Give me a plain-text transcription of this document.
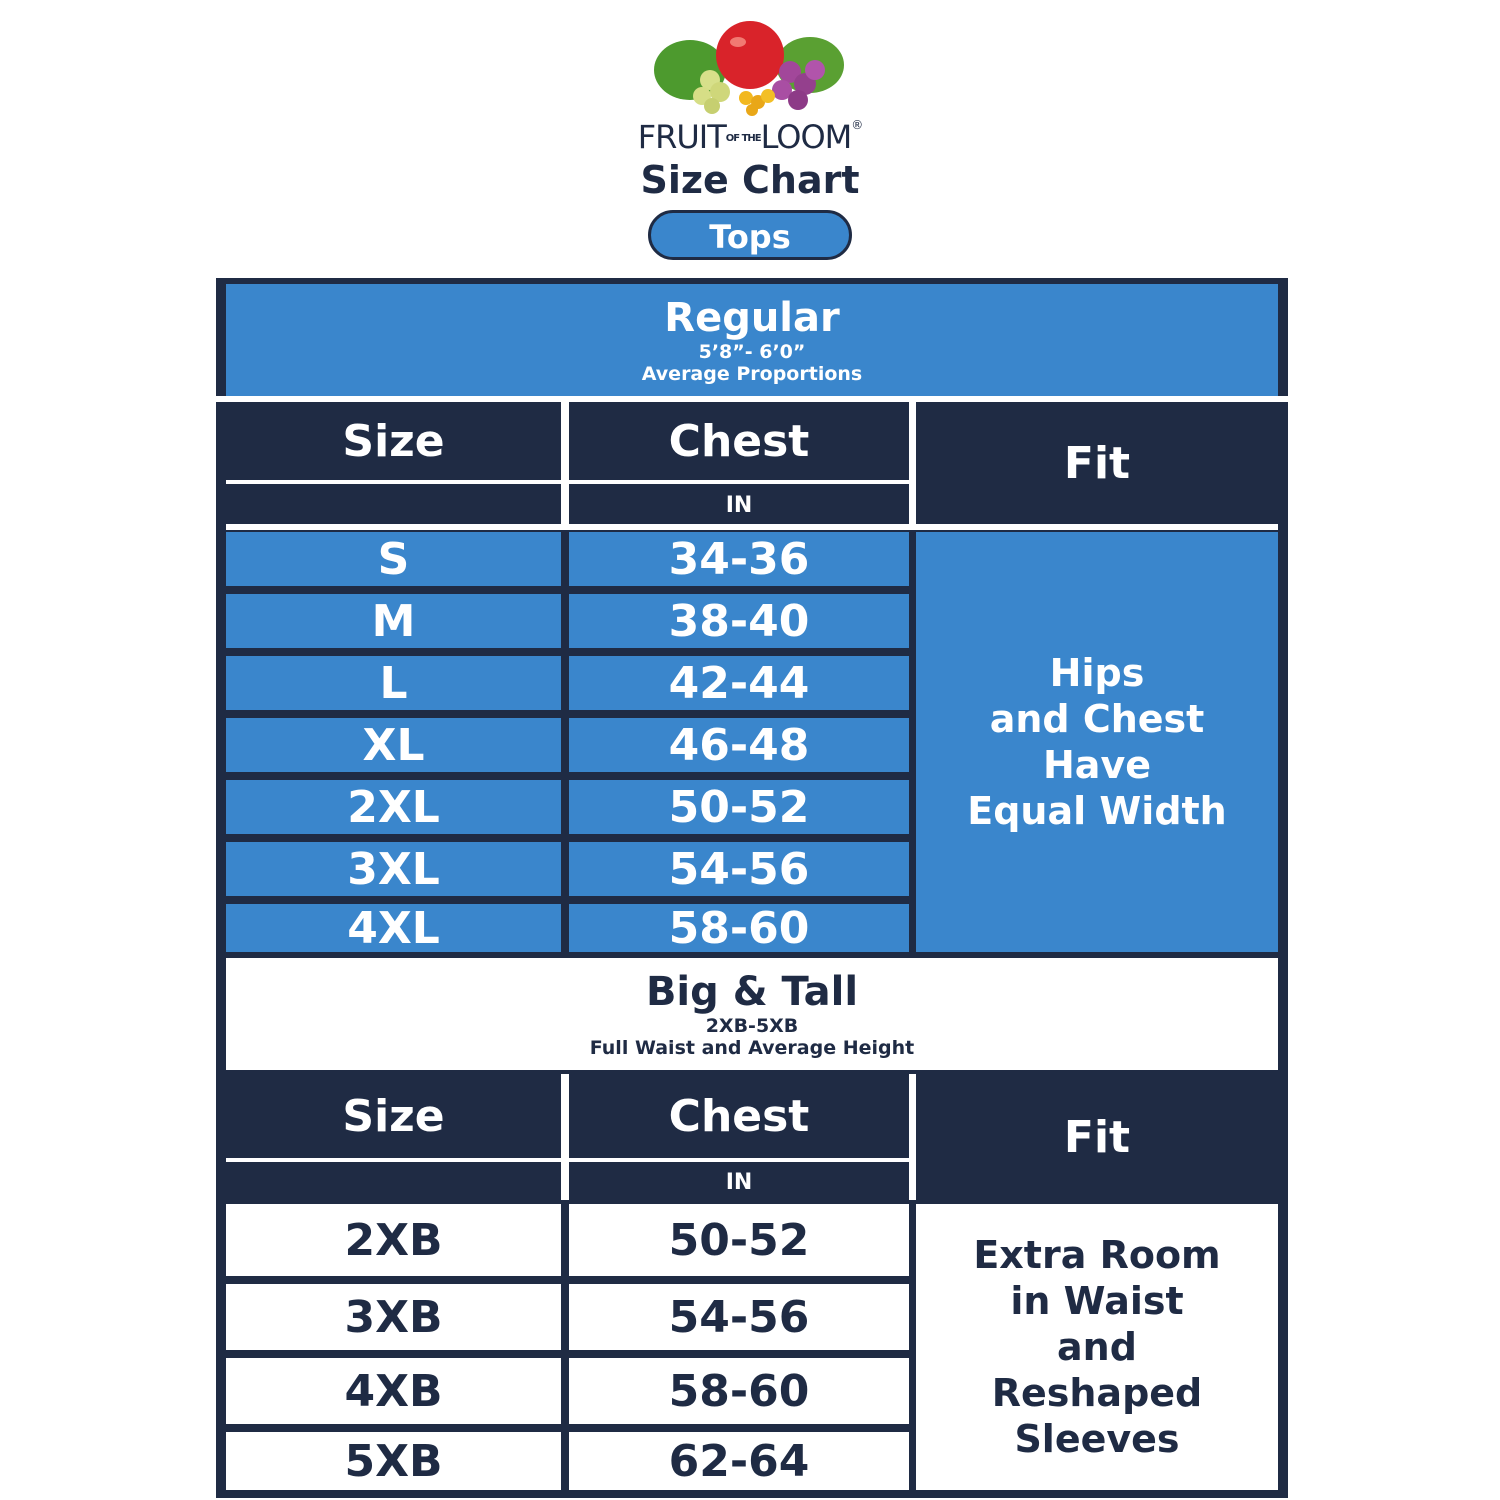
FRUITOF THELOOM®
Size Chart
Tops
Regular
5’8”- 6’0”
Average Proportions
Size	Chest
IN
Fit
S	34-36
M	38-40
L	42-44
XL	46-48
2XL	50-52
3XL	54-56
4XL	58-60
Hips
and Chest
Have
Equal Width
Big & Tall
2XB-5XB
Full Waist and Average Height
Size	Chest
IN
Fit
2XB	50-52
3XB	54-56
4XB	58-60
5XB	62-64
Extra Room
in Waist
and
Reshaped
Sleeves
